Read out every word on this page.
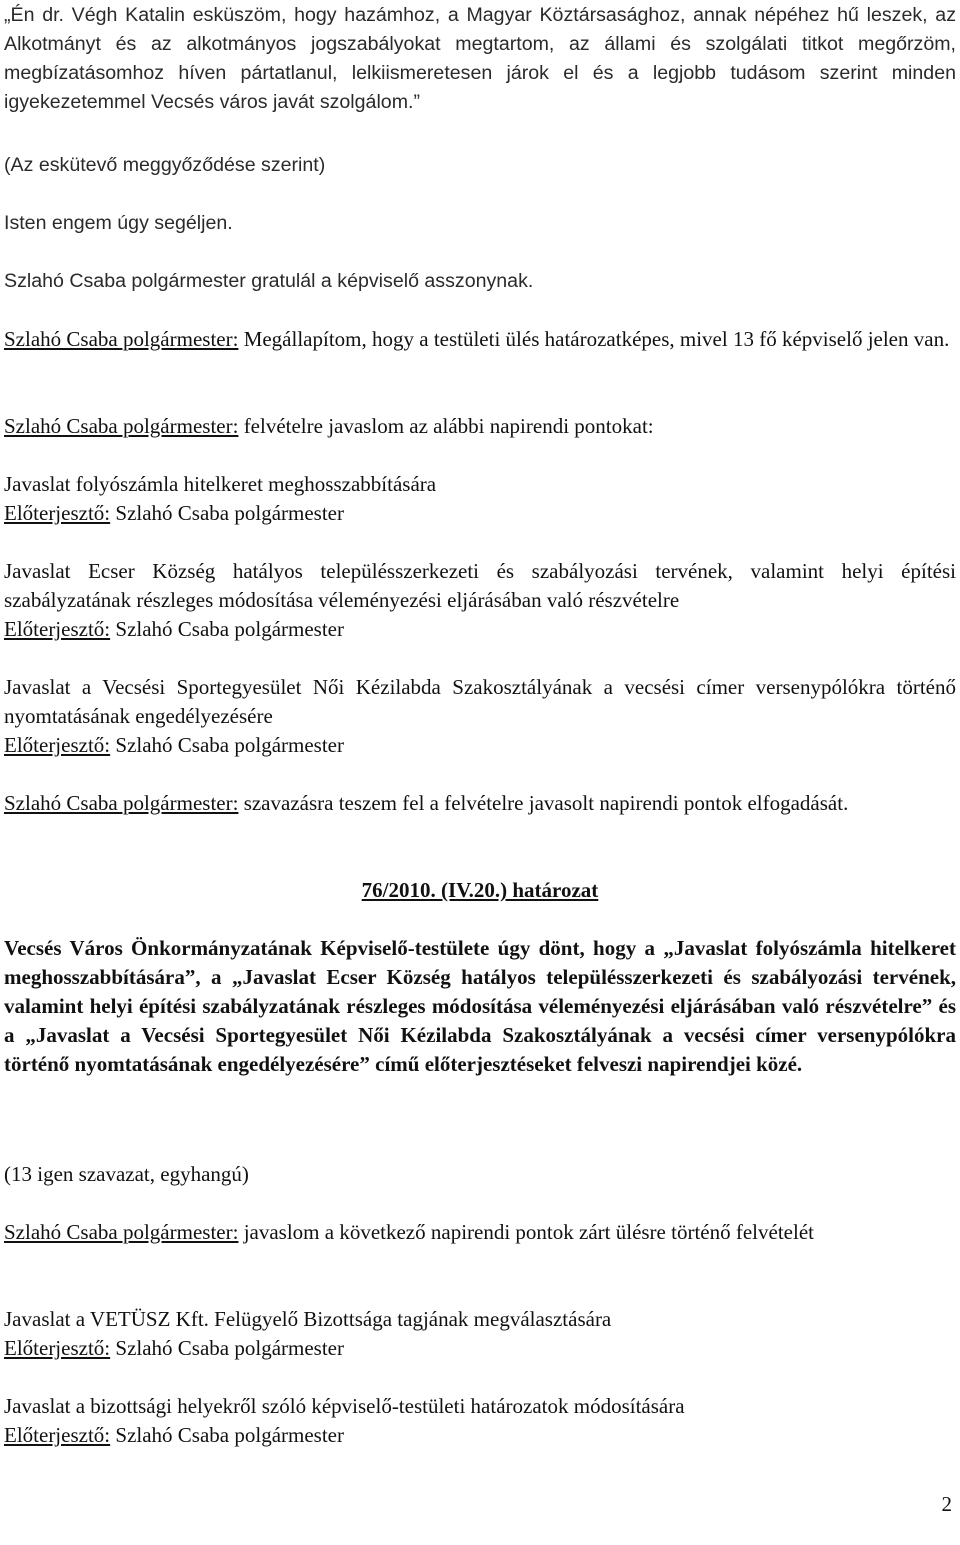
„Én dr. Végh Katalin esküszöm, hogy hazámhoz, a Magyar Köztársasághoz, annak népéhez hű leszek, az Alkotmányt és az alkotmányos jogszabályokat megtartom, az állami és szolgálati titkot megőrzöm, megbízatásomhoz híven pártatlanul, lelkiismeretesen járok el és a legjobb tudásom szerint minden igyekezetemmel Vecsés város javát szolgálom.”

(Az eskütevő meggyőződése szerint)

Isten engem úgy segéljen.

Szlahó Csaba polgármester gratulál a képviselő asszonynak.

Szlahó Csaba polgármester: Megállapítom, hogy a testületi ülés határozatképes, mivel 13 fő képviselő jelen van.

Szlahó Csaba polgármester: felvételre javaslom az alábbi napirendi pontokat:

Javaslat folyószámla hitelkeret meghosszabbítására
Előterjesztő: Szlahó Csaba polgármester
Javaslat Ecser Község hatályos településszerkezeti és szabályozási tervének, valamint helyi építési szabályzatának részleges módosítása véleményezési eljárásában való részvételre
Előterjesztő: Szlahó Csaba polgármester
Javaslat a Vecsési Sportegyesület Női Kézilabda Szakosztályának a vecsési címer versenypólókra történő nyomtatásának engedélyezésére
Előterjesztő: Szlahó Csaba polgármester

Szlahó Csaba polgármester: szavazásra teszem fel a felvételre javasolt napirendi pontok elfogadását.

76/2010. (IV.20.) határozat

Vecsés Város Önkormányzatának Képviselő-testülete úgy dönt, hogy a „Javaslat folyószámla hitelkeret meghosszabbítására”, a „Javaslat Ecser Község hatályos településszerkezeti és szabályozási tervének, valamint helyi építési szabályzatának részleges módosítása véleményezési eljárásában való részvételre” és a „Javaslat a Vecsési Sportegyesület Női Kézilabda Szakosztályának a vecsési címer versenypólókra történő nyomtatásának engedélyezésére” című előterjesztéseket felveszi napirendjei közé.

(13 igen szavazat, egyhangú)

Szlahó Csaba polgármester: javaslom a következő napirendi pontok zárt ülésre történő felvételét

Javaslat a VETÜSZ Kft. Felügyelő Bizottsága tagjának megválasztására
Előterjesztő: Szlahó Csaba polgármester
Javaslat a bizottsági helyekről szóló képviselő-testületi határozatok módosítására
Előterjesztő: Szlahó Csaba polgármester
2
